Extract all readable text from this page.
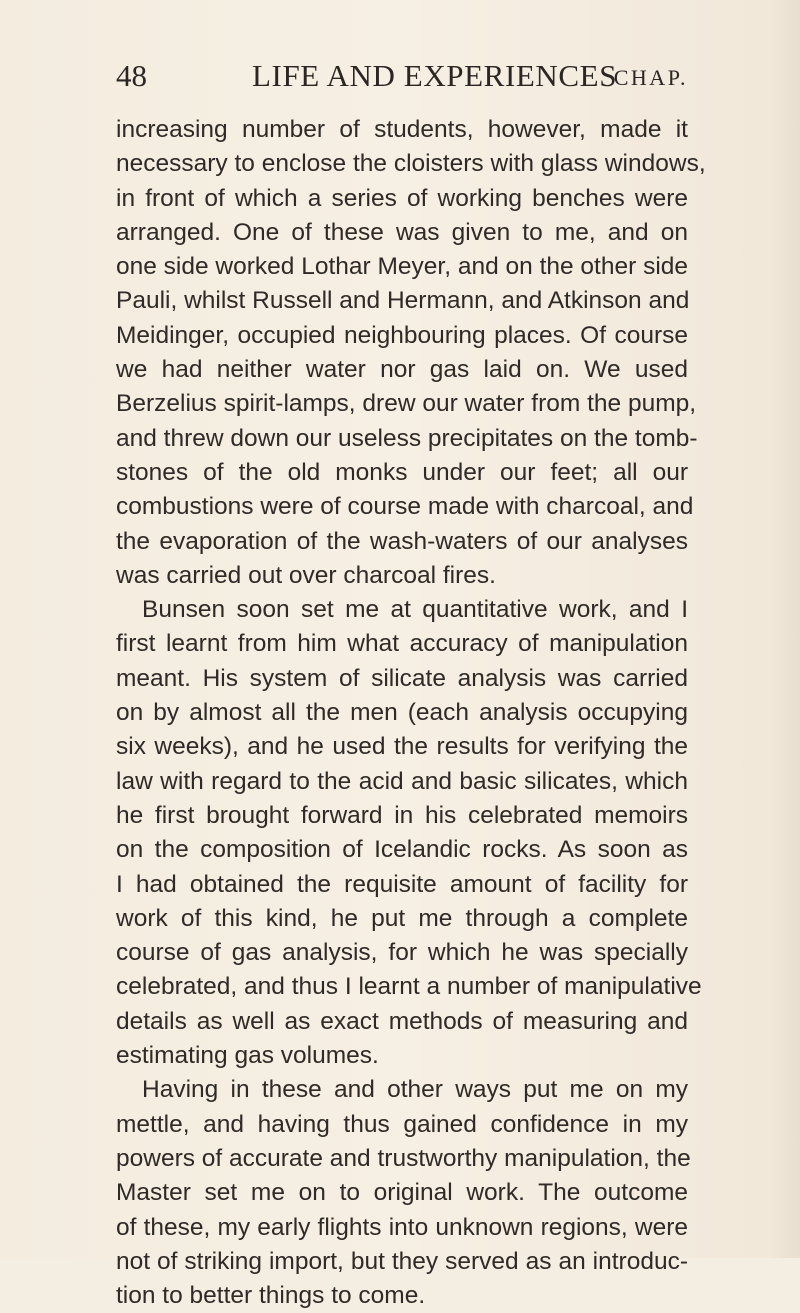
48	LIFE AND EXPERIENCES
CHAP.
increasing number of students, however, made it
necessary to enclose the cloisters with glass windows,
in front of which a series of working benches were
arranged. One of these was given to me, and on
one side worked Lothar Meyer, and on the other side
Pauli, whilst Russell and Hermann, and Atkinson and
Meidinger, occupied neighbouring places. Of course
we had neither water nor gas laid on. We used
Berzelius spirit-lamps, drew our water from the pump,
and threw down our useless precipitates on the tomb-
stones of the old monks under our feet; all our
combustions were of course made with charcoal, and
the evaporation of the wash-waters of our analyses
was carried out over charcoal fires.
Bunsen soon set me at quantitative work, and I
first learnt from him what accuracy of manipulation
meant. His system of silicate analysis was carried
on by almost all the men (each analysis occupying
six weeks), and he used the results for verifying the
law with regard to the acid and basic silicates, which
he first brought forward in his celebrated memoirs
on the composition of Icelandic rocks. As soon as
I had obtained the requisite amount of facility for
work of this kind, he put me through a complete
course of gas analysis, for which he was specially
celebrated, and thus I learnt a number of manipulative
details as well as exact methods of measuring and
estimating gas volumes.
Having in these and other ways put me on my
mettle, and having thus gained confidence in my
powers of accurate and trustworthy manipulation, the
Master set me on to original work. The outcome
of these, my early flights into unknown regions, were
not of striking import, but they served as an introduc-
tion to better things to come.
